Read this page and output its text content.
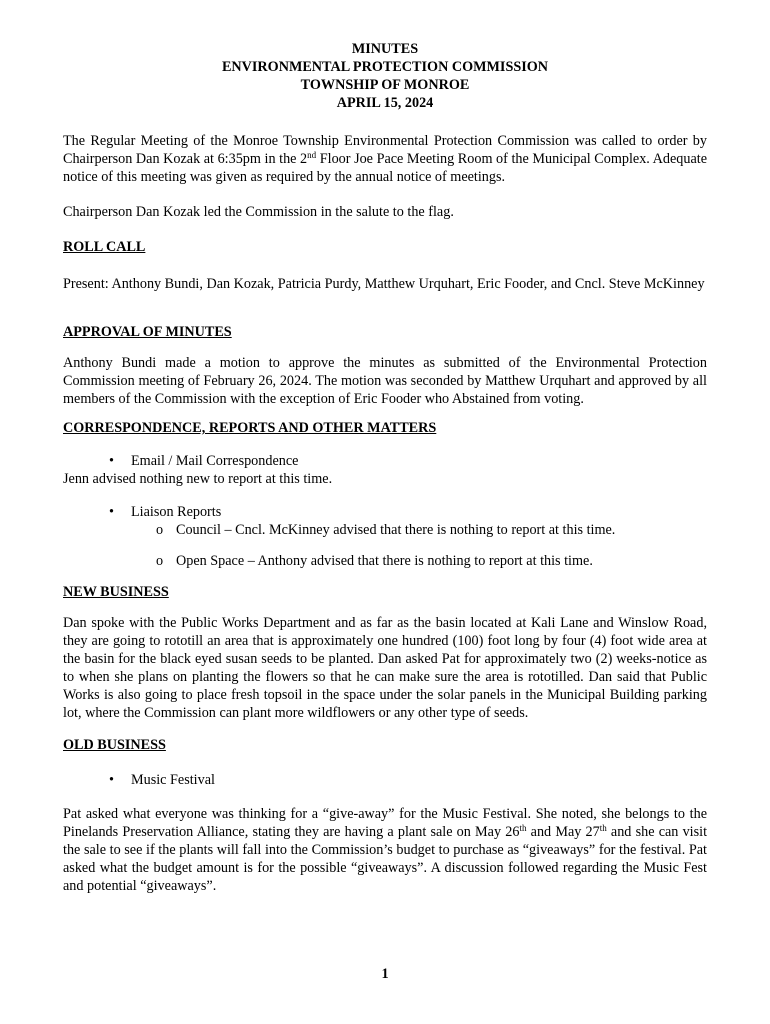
MINUTES
ENVIRONMENTAL PROTECTION COMMISSION
TOWNSHIP OF MONROE
APRIL 15, 2024

The Regular Meeting of the Monroe Township Environmental Protection Commission was called to order by Chairperson Dan Kozak at 6:35pm in the 2nd Floor Joe Pace Meeting Room of the Municipal Complex. Adequate notice of this meeting was given as required by the annual notice of meetings.

Chairperson Dan Kozak led the Commission in the salute to the flag.

ROLL CALL

Present: Anthony Bundi, Dan Kozak, Patricia Purdy, Matthew Urquhart, Eric Fooder, and Cncl. Steve McKinney

APPROVAL OF MINUTES

Anthony Bundi made a motion to approve the minutes as submitted of the Environmental Protection Commission meeting of February 26, 2024. The motion was seconded by Matthew Urquhart and approved by all members of the Commission with the exception of Eric Fooder who Abstained from voting.

CORRESPONDENCE, REPORTS AND OTHER MATTERS
• Email / Mail Correspondence

Jenn advised nothing new to report at this time.

• Liaison Reports
o Council – Cncl. McKinney advised that there is nothing to report at this time.
o Open Space – Anthony advised that there is nothing to report at this time.
NEW BUSINESS

Dan spoke with the Public Works Department and as far as the basin located at Kali Lane and Winslow Road, they are going to rototill an area that is approximately one hundred (100) foot long by four (4) foot wide area at the basin for the black eyed susan seeds to be planted. Dan asked Pat for approximately two (2) weeks-notice as to when she plans on planting the flowers so that he can make sure the area is rototilled. Dan said that Public Works is also going to place fresh topsoil in the space under the solar panels in the Municipal Building parking lot, where the Commission can plant more wildflowers or any other type of seeds.

OLD BUSINESS
• Music Festival

Pat asked what everyone was thinking for a “give-away” for the Music Festival. She noted, she belongs to the Pinelands Preservation Alliance, stating they are having a plant sale on May 26th and May 27th and she can visit the sale to see if the plants will fall into the Commission’s budget to purchase as “giveaways” for the festival. Pat asked what the budget amount is for the possible “giveaways”. A discussion followed regarding the Music Fest and potential “giveaways”.

1
